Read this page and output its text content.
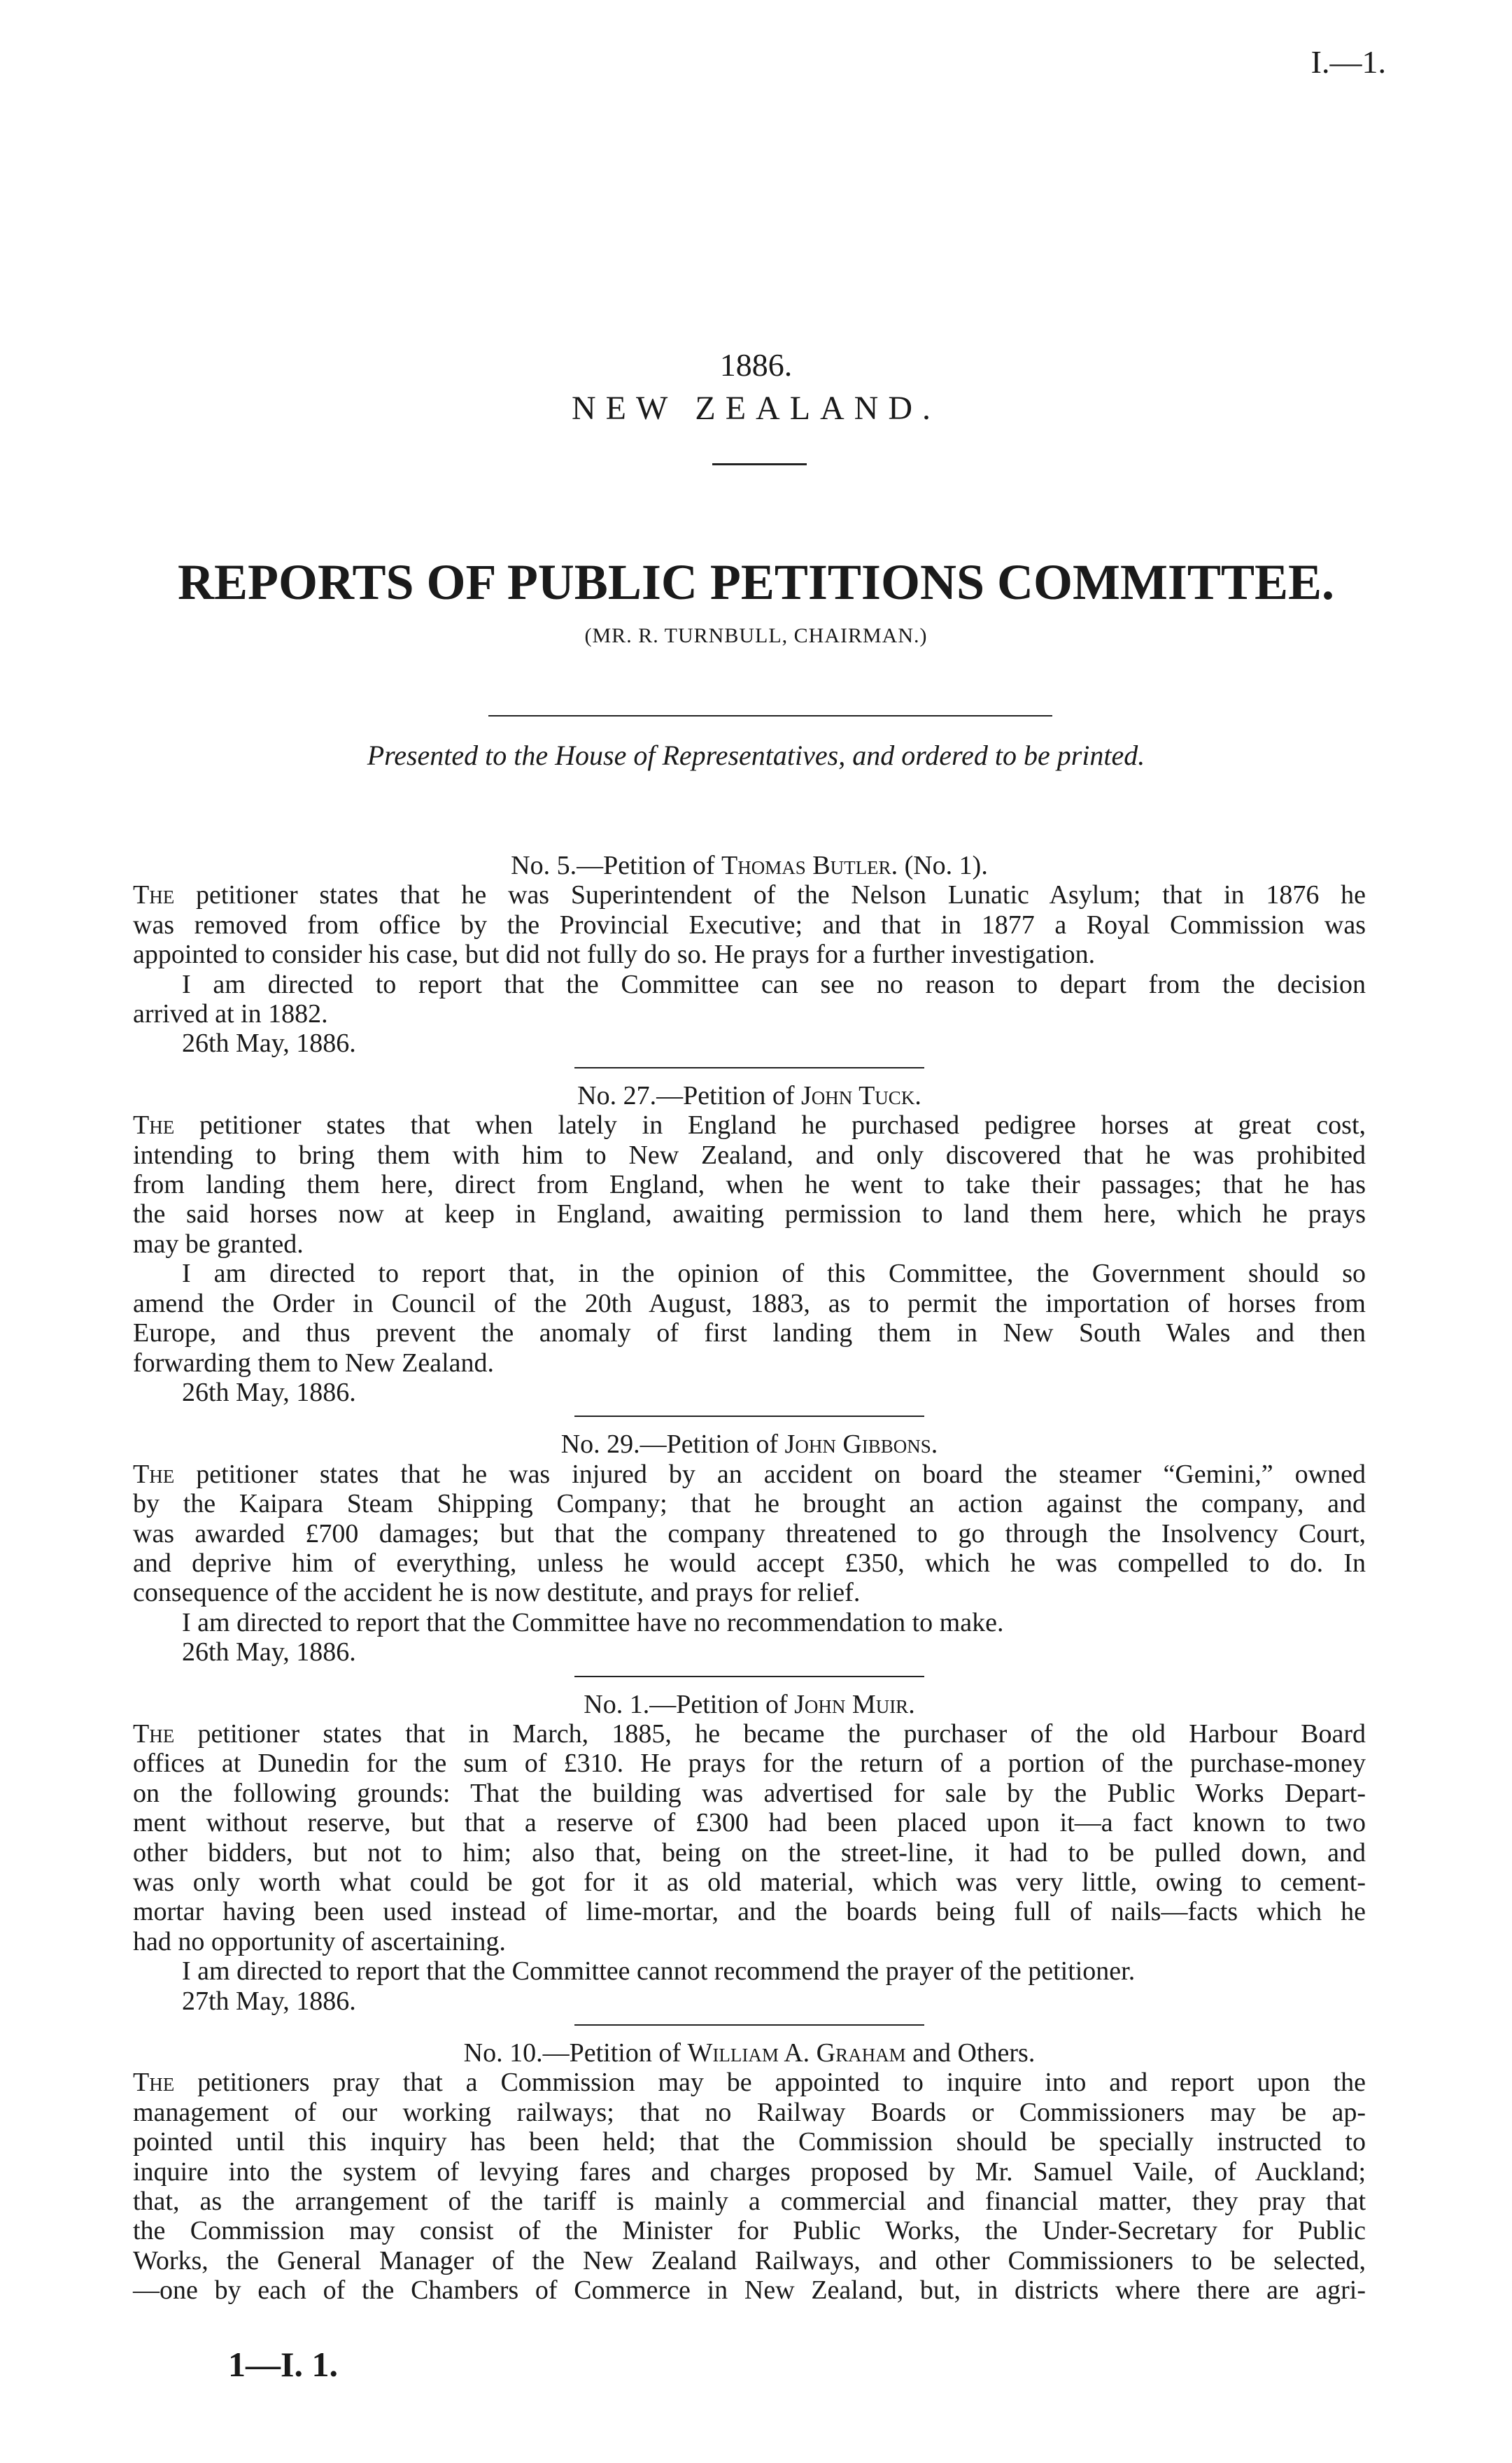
I.—1.
1886.
NEW ZEALAND.
REPORTS OF PUBLIC PETITIONS COMMITTEE.
(MR. R. TURNBULL, CHAIRMAN.)
Presented to the House of Representatives, and ordered to be printed.
No. 5.—Petition of Thomas Butler. (No. 1).
The petitioner states that he was Superintendent of the Nelson Lunatic Asylum; that in 1876 he
was removed from office by the Provincial Executive; and that in 1877 a Royal Commission was
appointed to consider his case, but did not fully do so. He prays for a further investigation.
I am directed to report that the Committee can see no reason to depart from the decision
arrived at in 1882.
26th May, 1886.
No. 27.—Petition of John Tuck.
The petitioner states that when lately in England he purchased pedigree horses at great cost,
intending to bring them with him to New Zealand, and only discovered that he was prohibited
from landing them here, direct from England, when he went to take their passages; that he has
the said horses now at keep in England, awaiting permission to land them here, which he prays
may be granted.
I am directed to report that, in the opinion of this Committee, the Government should so
amend the Order in Council of the 20th August, 1883, as to permit the importation of horses from
Europe, and thus prevent the anomaly of first landing them in New South Wales and then
forwarding them to New Zealand.
26th May, 1886.
No. 29.—Petition of John Gibbons.
The petitioner states that he was injured by an accident on board the steamer “Gemini,” owned
by the Kaipara Steam Shipping Company; that he brought an action against the company, and
was awarded £700 damages; but that the company threatened to go through the Insolvency Court,
and deprive him of everything, unless he would accept £350, which he was compelled to do. In
consequence of the accident he is now destitute, and prays for relief.
I am directed to report that the Committee have no recommendation to make.
26th May, 1886.
No. 1.—Petition of John Muir.
The petitioner states that in March, 1885, he became the purchaser of the old Harbour Board
offices at Dunedin for the sum of £310. He prays for the return of a portion of the purchase-money
on the following grounds: That the building was advertised for sale by the Public Works Depart-
ment without reserve, but that a reserve of £300 had been placed upon it—a fact known to two
other bidders, but not to him; also that, being on the street-line, it had to be pulled down, and
was only worth what could be got for it as old material, which was very little, owing to cement-
mortar having been used instead of lime-mortar, and the boards being full of nails—facts which he
had no opportunity of ascertaining.
I am directed to report that the Committee cannot recommend the prayer of the petitioner.
27th May, 1886.
No. 10.—Petition of William A. Graham and Others.
The petitioners pray that a Commission may be appointed to inquire into and report upon the
management of our working railways; that no Railway Boards or Commissioners may be ap-
pointed until this inquiry has been held; that the Commission should be specially instructed to
inquire into the system of levying fares and charges proposed by Mr. Samuel Vaile, of Auckland;
that, as the arrangement of the tariff is mainly a commercial and financial matter, they pray that
the Commission may consist of the Minister for Public Works, the Under-Secretary for Public
Works, the General Manager of the New Zealand Railways, and other Commissioners to be selected,
—one by each of the Chambers of Commerce in New Zealand, but, in districts where there are agri-
1—I. 1.
